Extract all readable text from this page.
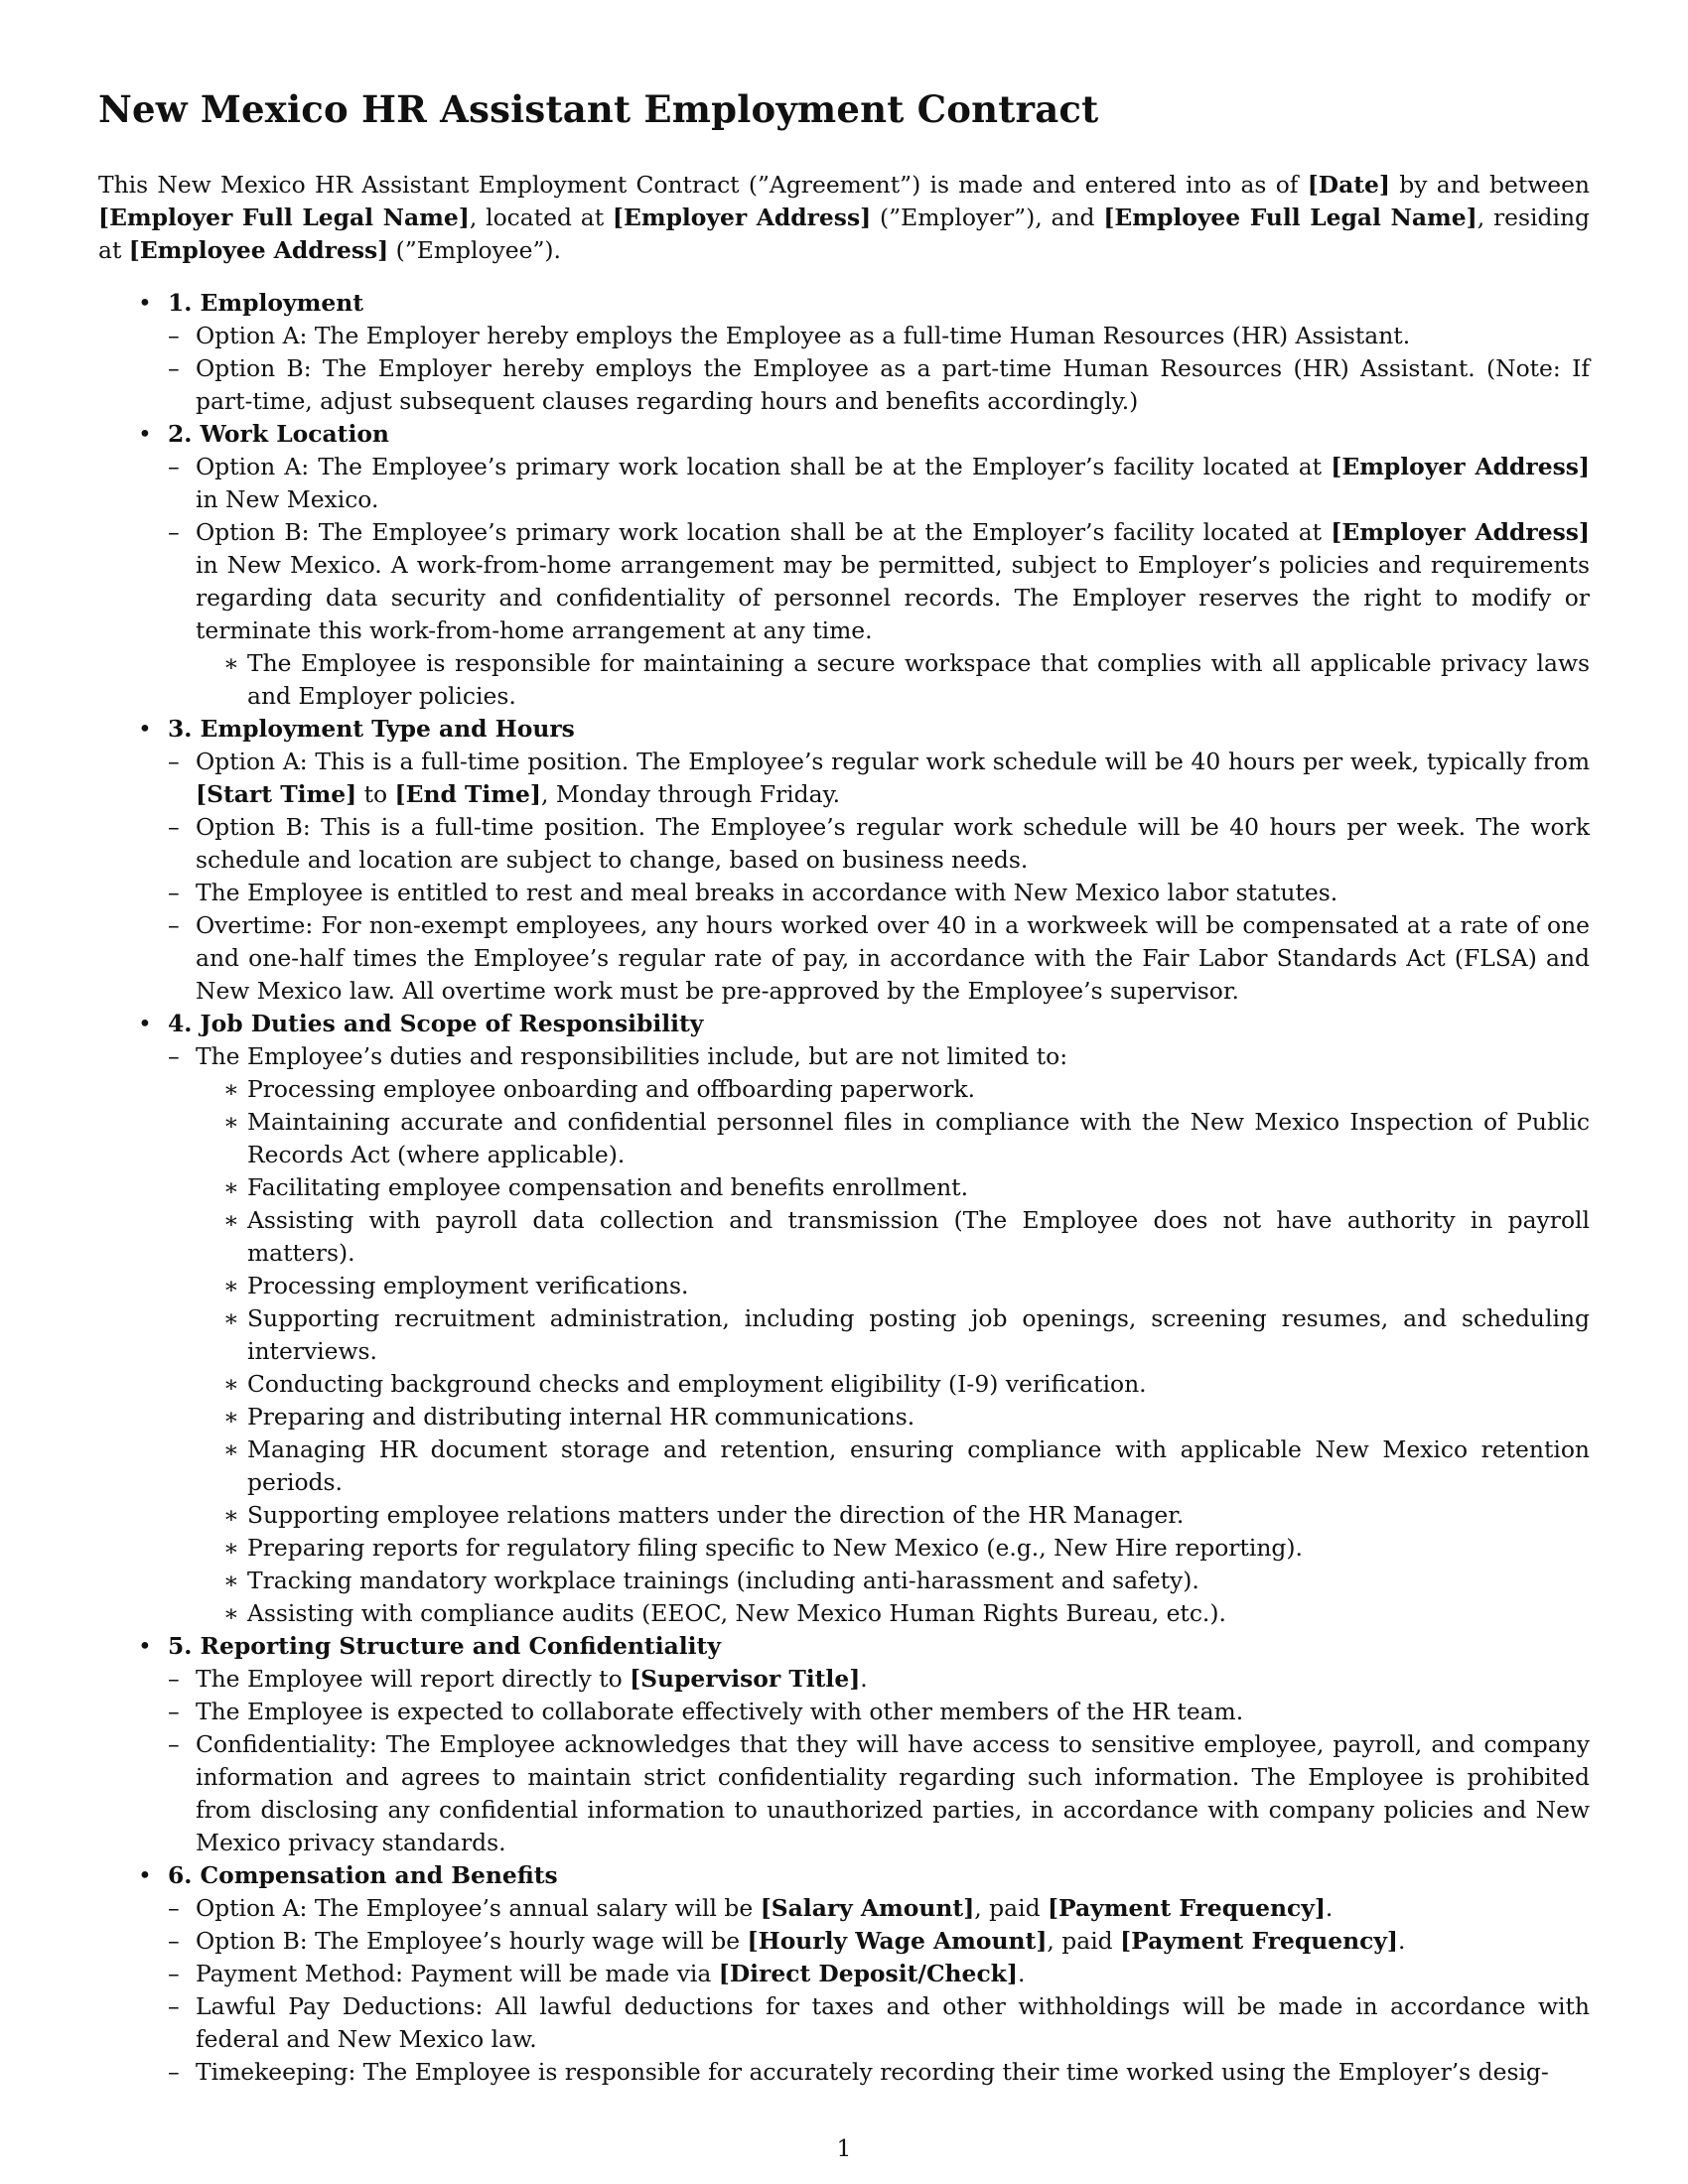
New Mexico HR Assistant Employment Contract

This New Mexico HR Assistant Employment Contract (”Agreement”) is made and entered into as of [Date] by and between [Employer Full Legal Name], located at [Employer Address] (”Employer”), and [Employee Full Legal Name], residing at [Employee Address] (”Employee”).

• 1. Employment
– Option A: The Employer hereby employs the Employee as a full-time Human Resources (HR) Assistant.
– Option B: The Employer hereby employs the Employee as a part-time Human Resources (HR) Assistant. (Note: If part-time, adjust subsequent clauses regarding hours and benefits accordingly.)
• 2. Work Location
– Option A: The Employee’s primary work location shall be at the Employer’s facility located at [Employer Address] in New Mexico.
– Option B: The Employee’s primary work location shall be at the Employer’s facility located at [Employer Address] in New Mexico. A work-from-home arrangement may be permitted, subject to Employer’s policies and requirements regarding data security and confidentiality of personnel records. The Employer reserves the right to modify or terminate this work-from-home arrangement at any time.
∗ The Employee is responsible for maintaining a secure workspace that complies with all applicable privacy laws and Employer policies.
• 3. Employment Type and Hours
– Option A: This is a full-time position. The Employee’s regular work schedule will be 40 hours per week, typically from [Start Time] to [End Time], Monday through Friday.
– Option B: This is a full-time position. The Employee’s regular work schedule will be 40 hours per week. The work schedule and location are subject to change, based on business needs.
– The Employee is entitled to rest and meal breaks in accordance with New Mexico labor statutes.
– Overtime: For non-exempt employees, any hours worked over 40 in a workweek will be compensated at a rate of one and one-half times the Employee’s regular rate of pay, in accordance with the Fair Labor Standards Act (FLSA) and New Mexico law. All overtime work must be pre-approved by the Employee’s supervisor.
• 4. Job Duties and Scope of Responsibility
– The Employee’s duties and responsibilities include, but are not limited to:
∗ Processing employee onboarding and offboarding paperwork.
∗ Maintaining accurate and confidential personnel files in compliance with the New Mexico Inspection of Public Records Act (where applicable).
∗ Facilitating employee compensation and benefits enrollment.
∗ Assisting with payroll data collection and transmission (The Employee does not have authority in payroll matters).
∗ Processing employment verifications.
∗ Supporting recruitment administration, including posting job openings, screening resumes, and scheduling interviews.
∗ Conducting background checks and employment eligibility (I-9) verification.
∗ Preparing and distributing internal HR communications.
∗ Managing HR document storage and retention, ensuring compliance with applicable New Mexico retention periods.
∗ Supporting employee relations matters under the direction of the HR Manager.
∗ Preparing reports for regulatory filing specific to New Mexico (e.g., New Hire reporting).
∗ Tracking mandatory workplace trainings (including anti-harassment and safety).
∗ Assisting with compliance audits (EEOC, New Mexico Human Rights Bureau, etc.).
• 5. Reporting Structure and Confidentiality
– The Employee will report directly to [Supervisor Title].
– The Employee is expected to collaborate effectively with other members of the HR team.
– Confidentiality: The Employee acknowledges that they will have access to sensitive employee, payroll, and company information and agrees to maintain strict confidentiality regarding such information. The Employee is prohibited from disclosing any confidential information to unauthorized parties, in accordance with company policies and New Mexico privacy standards.
• 6. Compensation and Benefits
– Option A: The Employee’s annual salary will be [Salary Amount], paid [Payment Frequency].
– Option B: The Employee’s hourly wage will be [Hourly Wage Amount], paid [Payment Frequency].
– Payment Method: Payment will be made via [Direct Deposit/Check].
– Lawful Pay Deductions: All lawful deductions for taxes and other withholdings will be made in accordance with federal and New Mexico law.
– Timekeeping: The Employee is responsible for accurately recording their time worked using the Employer’s desig-
1
